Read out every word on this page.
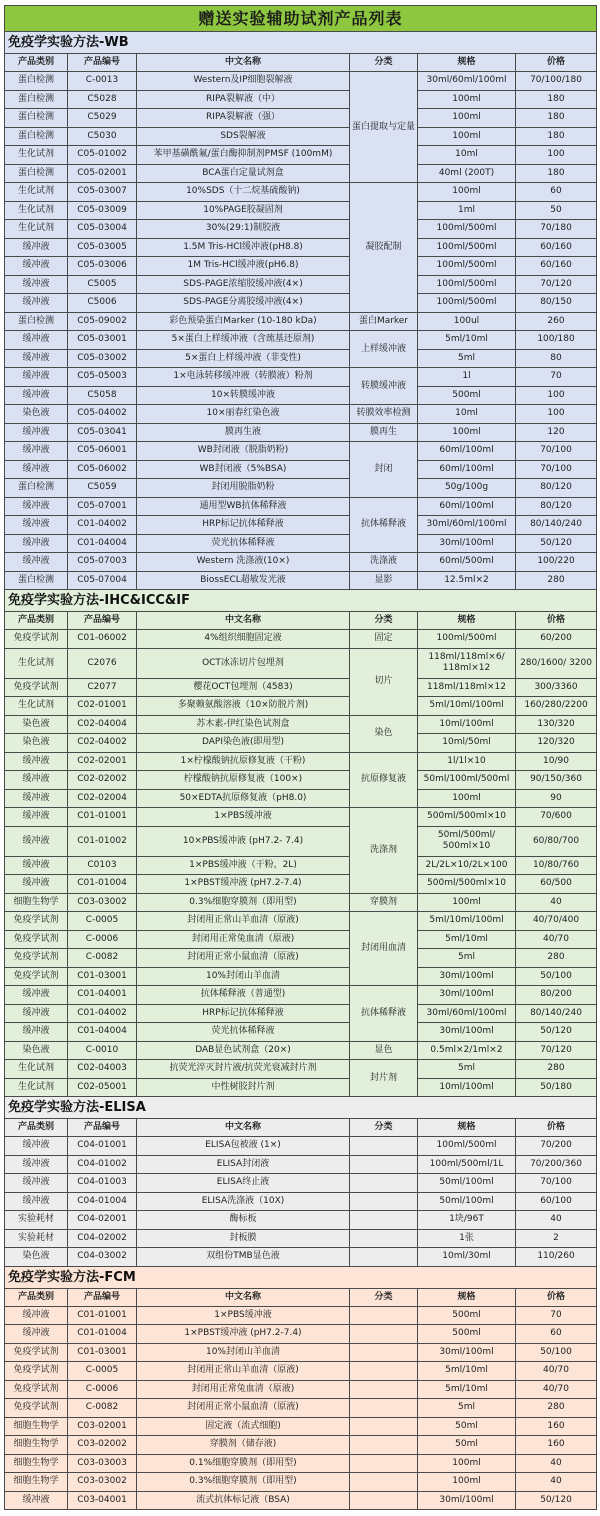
赠送实验辅助试剂产品列表					
免疫学实验方法-WB					
产品类别	产品编号	中文名称	分类	规格	价格
蛋白检测	C-0013	Western及IP细胞裂解液	蛋白提取与定量	30ml/60ml/100ml	70/100/180
蛋白检测	C5028	RIPA裂解液（中）		100ml	180
蛋白检测	C5029	RIPA裂解液（强）		100ml	180
蛋白检测	C5030	SDS裂解液		100ml	180
生化试剂	C05-01002	苯甲基磺酰氟/蛋白酶抑制剂PMSF (100mM)		10ml	100
蛋白检测	C05-02001	BCA蛋白定量试剂盒		40ml (200T)	180
生化试剂	C05-03007	10%SDS（十二烷基硫酸钠)	凝胶配制	100ml	60
生化试剂	C05-03009	10%PAGE胶凝固剂		1ml	50
生化试剂	C05-03004	30%(29:1)制胶液		100ml/500ml	70/180
缓冲液	C05-03005	1.5M Tris-HCl缓冲液(pH8.8)		100ml/500ml	60/160
缓冲液	C05-03006	1M Tris-HCl缓冲液(pH6.8)		100ml/500ml	60/160
缓冲液	C5005	SDS-PAGE浓缩胶缓冲液(4×)		100ml/500ml	70/120
缓冲液	C5006	SDS-PAGE分离胶缓冲液(4×)		100ml/500ml	80/150
蛋白检测	C05-09002	彩色预染蛋白Marker (10-180 kDa)	蛋白Marker	100ul	260
缓冲液	C05-03001	5×蛋白上样缓冲液（含巯基还原剂)	上样缓冲液	5ml/10ml	100/180
缓冲液	C05-03002	5×蛋白上样缓冲液（非变性)		5ml	80
缓冲液	C05-05003	1×电泳转移缓冲液（转膜液）粉剂	转膜缓冲液	1l	70
缓冲液	C5058	10×转膜缓冲液		500ml	100
染色液	C05-04002	10×丽春红染色液	转膜效率检测	10ml	100
缓冲液	C05-03041	膜再生液	膜再生	100ml	120
缓冲液	C05-06001	WB封闭液（脱脂奶粉)	封闭	60ml/100ml	70/100
缓冲液	C05-06002	WB封闭液（5%BSA)		60ml/100ml	70/100
蛋白检测	C5059	封闭用脱脂奶粉		50g/100g	80/120
缓冲液	C05-07001	通用型WB抗体稀释液	抗体稀释液	60ml/100ml	80/120
缓冲液	C01-04002	HRP标记抗体稀释液		30ml/60ml/100ml	80/140/240
缓冲液	C01-04004	荧光抗体稀释液		30ml/100ml	50/120
缓冲液	C05-07003	Western 洗涤液(10×)	洗涤液	60ml/500ml	100/220
蛋白检测	C05-07004	BiossECL超敏发光液	显影	12.5ml×2	280
免疫学实验方法-IHC&ICC&IF					
产品类别	产品编号	中文名称	分类	规格	价格
免疫学试剂	C01-06002	4%组织细胞固定液	固定	100ml/500ml	60/200
生化试剂	C2076	OCT冰冻切片包埋剂	切片	118ml/118ml×6/ 118ml×12	280/1600/ 3200
免疫学试剂	C2077	樱花OCT包埋剂（4583)		118ml/118ml×12	300/3360
生化试剂	C02-01001	多聚赖氨酸溶液（10×防脱片剂)		5ml/10ml/100ml	160/280/2200
染色液	C02-04004	苏木素-伊红染色试剂盒	染色	10ml/100ml	130/320
染色液	C02-04002	DAPI染色液(即用型)		10ml/50ml	120/320
缓冲液	C02-02001	1×柠檬酸钠抗原修复液（干粉)	抗原修复液	1l/1l×10	10/90
缓冲液	C02-02002	柠檬酸钠抗原修复液（100×)		50ml/100ml/500ml	90/150/360
缓冲液	C02-02004	50×EDTA抗原修复液（pH8.0)		100ml	90
缓冲液	C01-01001	1×PBS缓冲液	洗涤剂	500ml/500ml×10	70/600
缓冲液	C01-01002	10×PBS缓冲液 (pH7.2- 7.4)		50ml/500ml/ 500ml×10	60/80/700
缓冲液	C0103	1×PBS缓冲液（干粉，2L)		2L/2L×10/2L×100	10/80/760
缓冲液	C01-01004	1×PBST缓冲液 (pH7.2-7.4)		500ml/500ml×10	60/500
细胞生物学	C03-03002	0.3%细胞穿膜剂（即用型)	穿膜剂	100ml	40
免疫学试剂	C-0005	封闭用正常山羊血清（原液)	封闭用血清	5ml/10ml/100ml	40/70/400
免疫学试剂	C-0006	封闭用正常兔血清（原液)		5ml/10ml	40/70
免疫学试剂	C-0082	封闭用正常小鼠血清（原液)		5ml	280
免疫学试剂	C01-03001	10%封闭山羊血清		30ml/100ml	50/100
缓冲液	C01-04001	抗体稀释液（普通型)	抗体稀释液	30ml/100ml	80/200
缓冲液	C01-04002	HRP标记抗体稀释液		30ml/60ml/100ml	80/140/240
缓冲液	C01-04004	荧光抗体稀释液		30ml/100ml	50/120
染色液	C-0010	DAB显色试剂盒（20×)	显色	0.5ml×2/1ml×2	70/120
生化试剂	C02-04003	抗荧光淬灭封片液/抗荧光衰减封片剂	封片剂	5ml	280
生化试剂	C02-05001	中性树胶封片剂		10ml/100ml	50/180
免疫学实验方法-ELISA					
产品类别	产品编号	中文名称	分类	规格	价格
缓冲液	C04-01001	ELISA包被液 (1×)		100ml/500ml	70/200
缓冲液	C04-01002	ELISA封闭液		100ml/500ml/1L	70/200/360
缓冲液	C04-01003	ELISA终止液		50ml/100ml	70/100
缓冲液	C04-01004	ELISA洗涤液（10X)		50ml/100ml	60/100
实验耗材	C04-02001	酶标板		1块/96T	40
实验耗材	C04-02002	封板膜		1张	2
染色液	C04-03002	双组份TMB显色液		10ml/30ml	110/260
免疫学实验方法-FCM					
产品类别	产品编号	中文名称	分类	规格	价格
缓冲液	C01-01001	1×PBS缓冲液		500ml	70
缓冲液	C01-01004	1×PBST缓冲液 (pH7.2-7.4)		500ml	60
免疫学试剂	C01-03001	10%封闭山羊血清		30ml/100ml	50/100
免疫学试剂	C-0005	封闭用正常山羊血清（原液)		5ml/10ml	40/70
免疫学试剂	C-0006	封闭用正常兔血清（原液)		5ml/10ml	40/70
免疫学试剂	C-0082	封闭用正常小鼠血清（原液)		5ml	280
细胞生物学	C03-02001	固定液（流式细胞)		50ml	160
细胞生物学	C03-02002	穿膜剂（储存液)		50ml	160
细胞生物学	C03-03003	0.1%细胞穿膜剂（即用型)		100ml	40
细胞生物学	C03-03002	0.3%细胞穿膜剂（即用型)		100ml	40
缓冲液	C03-04001	流式抗体标记液（BSA)		30ml/100ml	50/120
